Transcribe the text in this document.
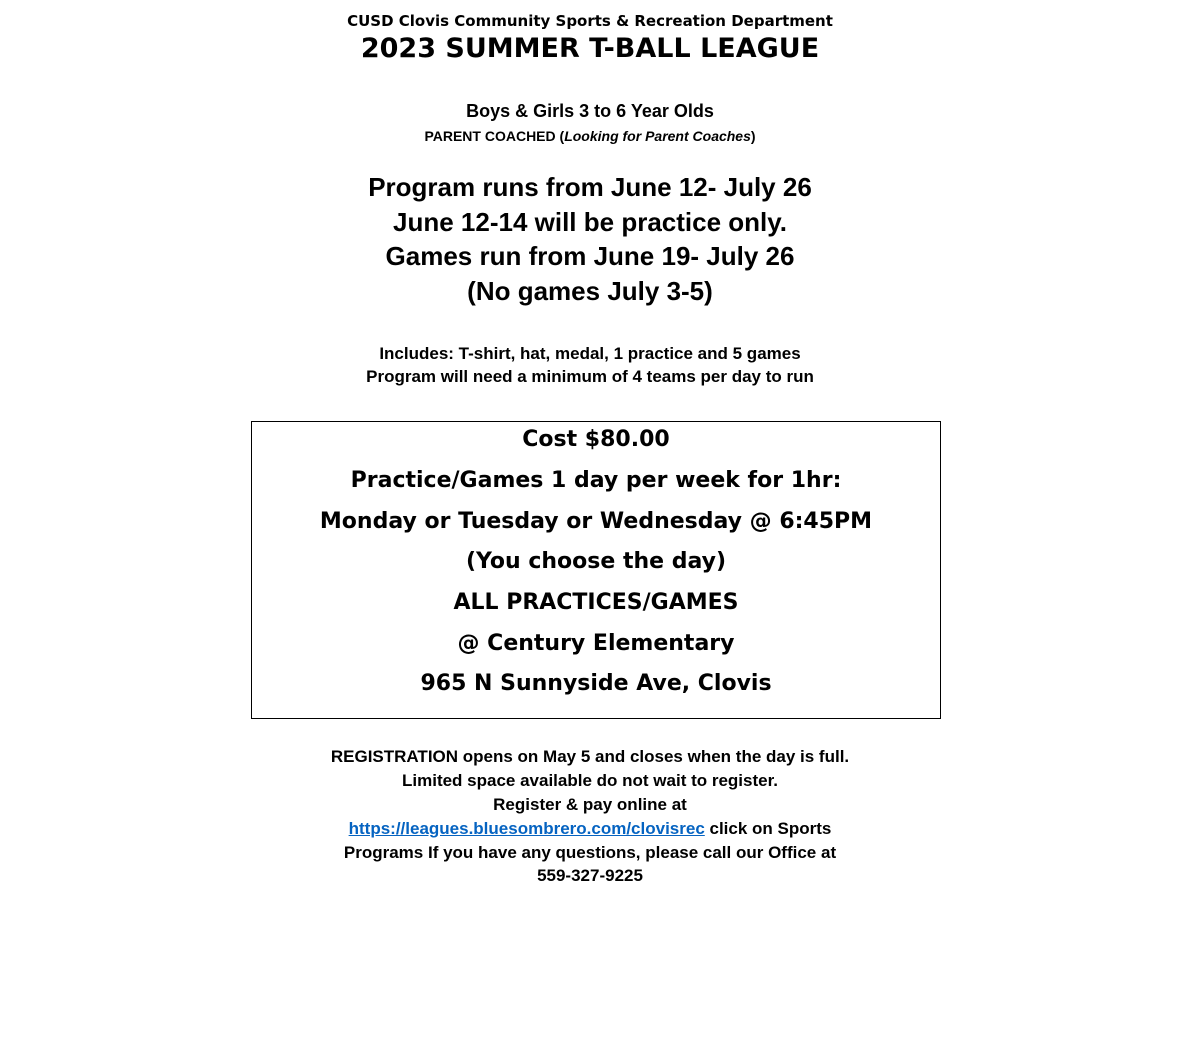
CUSD Clovis Community Sports & Recreation Department
2023 SUMMER T-BALL LEAGUE
Boys & Girls 3 to 6 Year Olds
PARENT COACHED (Looking for Parent Coaches)
Program runs from June 12- July 26
June 12-14 will be practice only.
Games run from June 19- July 26
(No games July 3-5)
Includes: T-shirt, hat, medal, 1 practice and 5 games
Program will need a minimum of 4 teams per day to run
Cost $80.00
Practice/Games 1 day per week for 1hr:
Monday or Tuesday or Wednesday @ 6:45PM
(You choose the day)
ALL PRACTICES/GAMES
@ Century Elementary
965 N Sunnyside Ave, Clovis
REGISTRATION opens on May 5 and closes when the day is full.
Limited space available do not wait to register.
Register & pay online at
https://leagues.bluesombrero.com/clovisrec click on Sports
Programs If you have any questions, please call our Office at
559-327-9225
